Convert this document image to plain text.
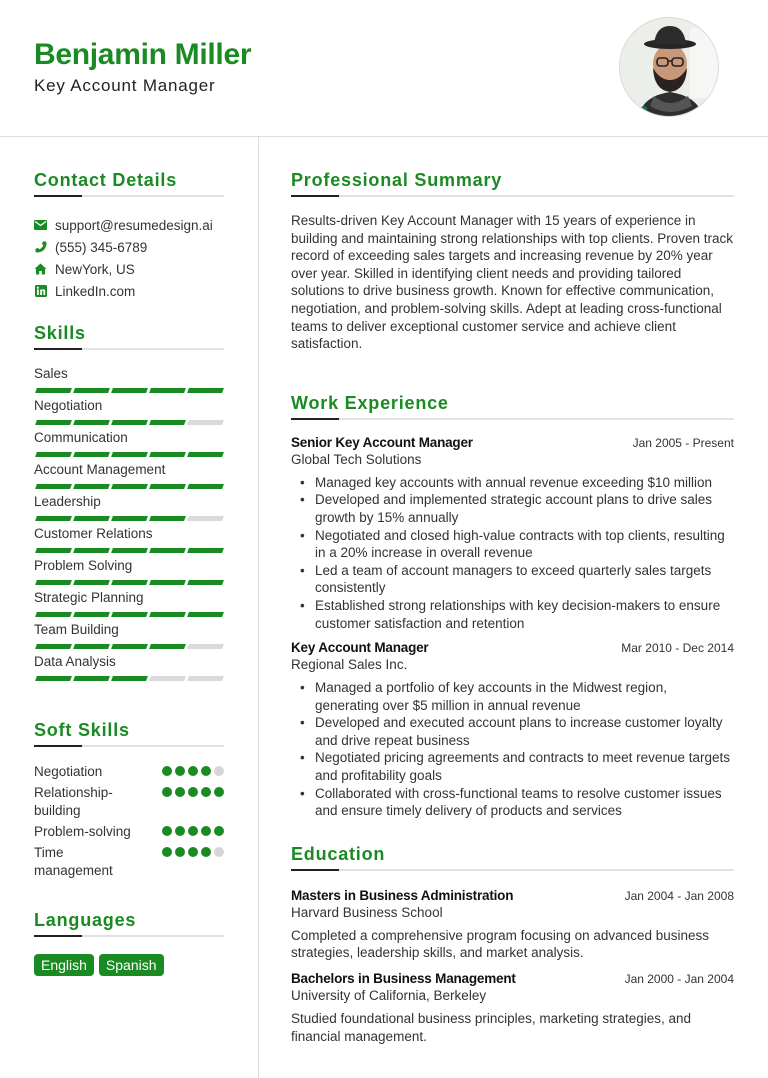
Benjamin Miller
Key Account Manager
Contact Details
support@resumedesign.ai
(555) 345-6789
NewYork, US
LinkedIn.com
Skills
Sales
Negotiation
Communication
Account Management
Leadership
Customer Relations
Problem Solving
Strategic Planning
Team Building
Data Analysis
Soft Skills
Negotiation
Relationship-building
Problem-solving
Time management
Languages
English	Spanish
Professional Summary

Results-driven Key Account Manager with 15 years of experience in building and maintaining strong relationships with top clients. Proven track record of exceeding sales targets and increasing revenue by 20% year over year. Skilled in identifying client needs and providing tailored solutions to drive business growth. Known for effective communication, negotiation, and problem-solving skills. Adept at leading cross-functional teams to deliver exceptional customer service and achieve client satisfaction.

Work Experience
Senior Key Account Manager	Jan 2005 - Present
Global Tech Solutions
• Managed key accounts with annual revenue exceeding $10 million
• Developed and implemented strategic account plans to drive sales growth by 15% annually
• Negotiated and closed high-value contracts with top clients, resulting in a 20% increase in overall revenue
• Led a team of account managers to exceed quarterly sales targets consistently
• Established strong relationships with key decision-makers to ensure customer satisfaction and retention
Key Account Manager	Mar 2010 - Dec 2014
Regional Sales Inc.
• Managed a portfolio of key accounts in the Midwest region, generating over $5 million in annual revenue
• Developed and executed account plans to increase customer loyalty and drive repeat business
• Negotiated pricing agreements and contracts to meet revenue targets and profitability goals
• Collaborated with cross-functional teams to resolve customer issues and ensure timely delivery of products and services
Education
Masters in Business Administration	Jan 2004 - Jan 2008
Harvard Business School

Completed a comprehensive program focusing on advanced business strategies, leadership skills, and market analysis.

Bachelors in Business Management	Jan 2000 - Jan 2004
University of California, Berkeley

Studied foundational business principles, marketing strategies, and financial management.
